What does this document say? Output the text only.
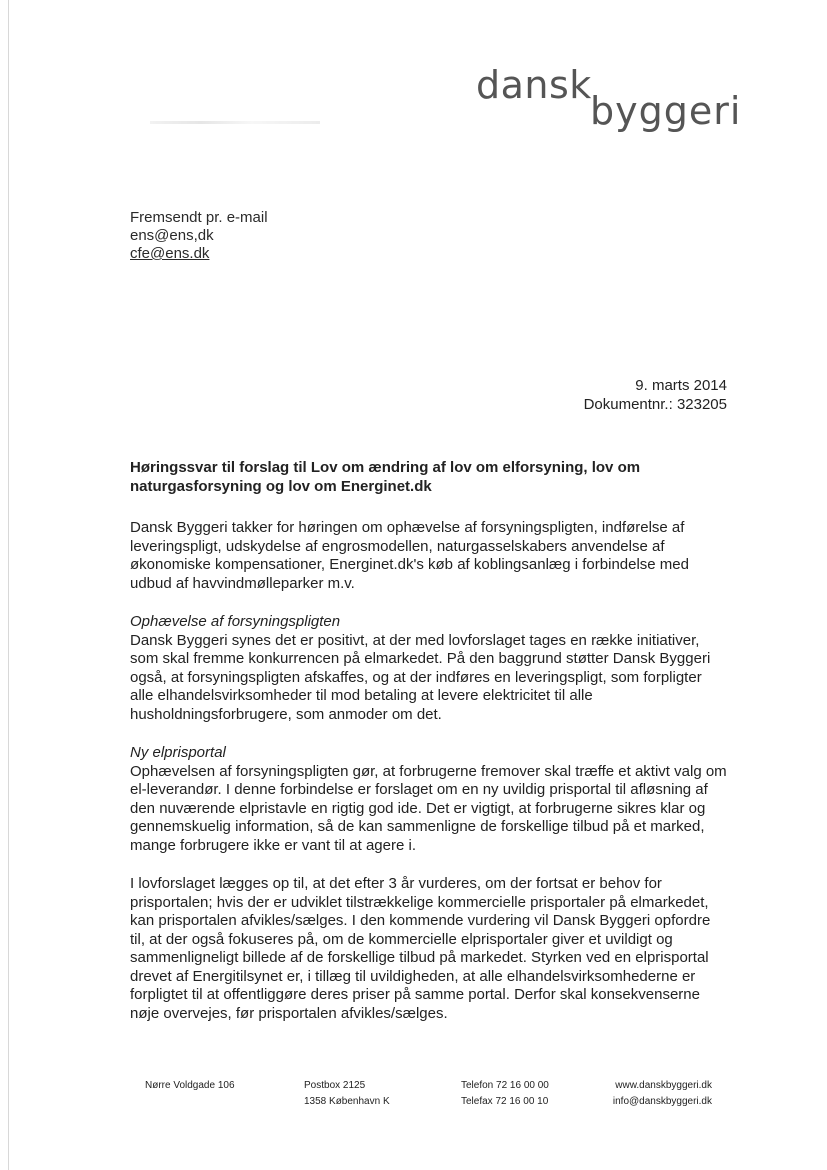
dansk
byggeri
Fremsendt pr. e-mail
ens@ens,dk
cfe@ens.dk
9. marts 2014
Dokumentnr.: 323205

Høringssvar til forslag til Lov om ændring af lov om elforsyning, lov om naturgasforsyning og lov om Energinet.dk

Dansk Byggeri takker for høringen om ophævelse af forsyningspligten, indførelse af leveringspligt, udskydelse af engrosmodellen, naturgasselskabers anvendelse af økonomiske kompensationer, Energinet.dk's køb af koblingsanlæg i forbindelse med udbud af havvindmølleparker m.v.

Ophævelse af forsyningspligten

Dansk Byggeri synes det er positivt, at der med lovforslaget tages en række initiativer, som skal fremme konkurrencen på elmarkedet. På den baggrund støtter Dansk Byggeri også, at forsyningspligten afskaffes, og at der indføres en leveringspligt, som forpligter alle elhandelsvirksomheder til mod betaling at levere elektricitet til alle husholdningsforbrugere, som anmoder om det.

Ny elprisportal

Ophævelsen af forsyningspligten gør, at forbrugerne fremover skal træffe et aktivt valg om el-leverandør. I denne forbindelse er forslaget om en ny uvildig prisportal til afløsning af den nuværende elpristavle en rigtig god ide. Det er vigtigt, at forbrugerne sikres klar og gennemskuelig information, så de kan sammenligne de forskellige tilbud på et marked, mange forbrugere ikke er vant til at agere i.

I lovforslaget lægges op til, at det efter 3 år vurderes, om der fortsat er behov for prisportalen; hvis der er udviklet tilstrækkelige kommercielle prisportaler på elmarkedet, kan prisportalen afvikles/sælges. I den kommende vurdering vil Dansk Byggeri opfordre til, at der også fokuseres på, om de kommercielle elprisportaler giver et uvildigt og sammenligneligt billede af de forskellige tilbud på markedet. Styrken ved en elprisportal drevet af Energitilsynet er, i tillæg til uvildigheden, at alle elhandelsvirksomhederne er forpligtet til at offentliggøre deres priser på samme portal. Derfor skal konsekvenserne nøje overvejes, før prisportalen afvikles/sælges.

Nørre Voldgade 106	Postbox 2125
1358 København K
Telefon 72 16 00 00
Telefax 72 16 00 10
www.danskbyggeri.dk
info@danskbyggeri.dk
